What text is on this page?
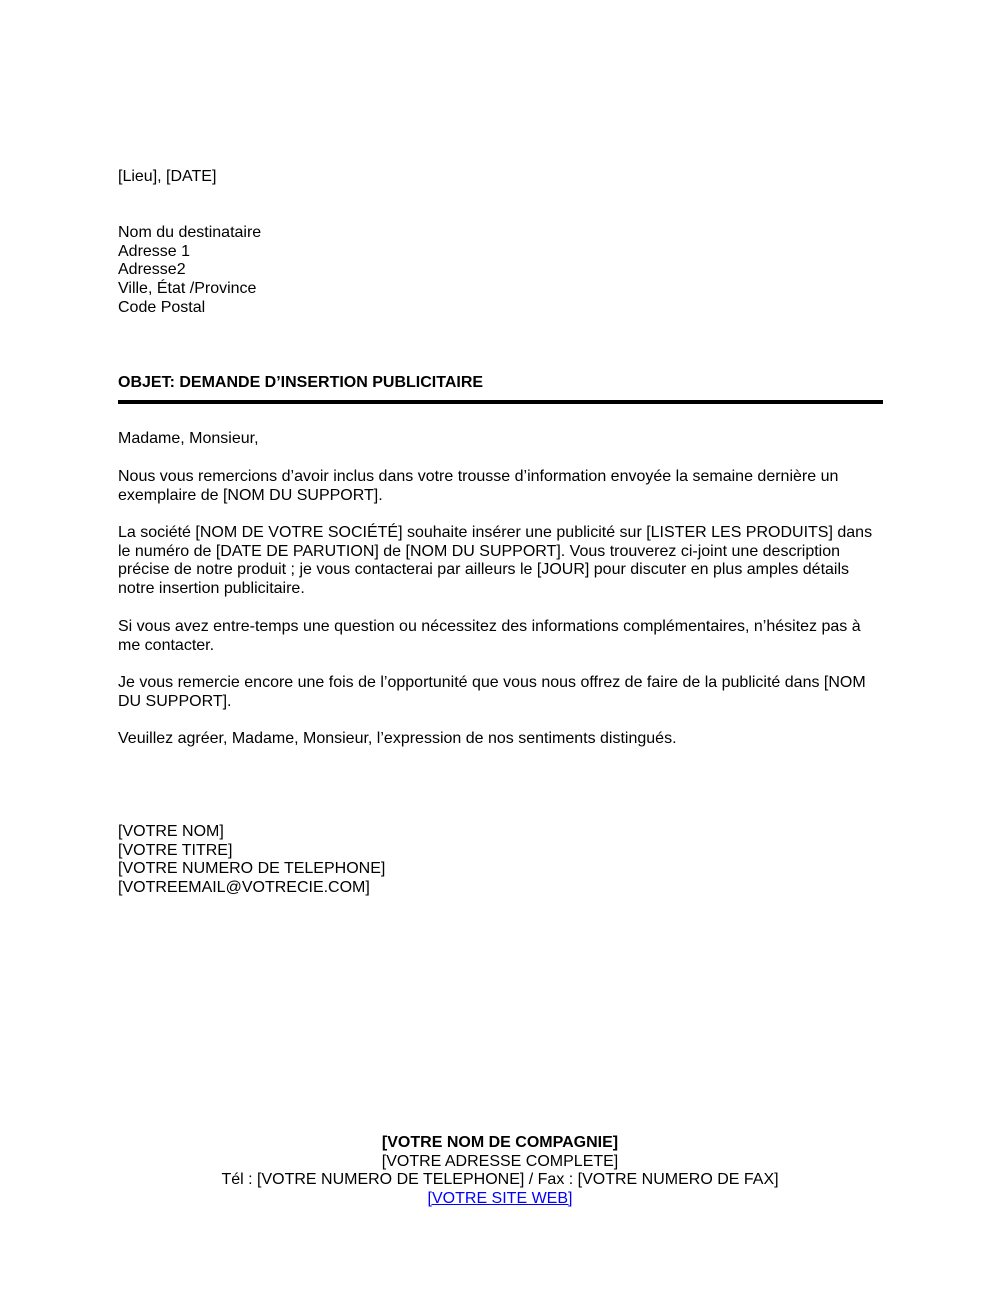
[Lieu], [DATE]
Nom du destinataire
Adresse 1
Adresse2
Ville, État /Province
Code Postal
OBJET: DEMANDE D’INSERTION PUBLICITAIRE
Madame, Monsieur,
Nous vous remercions d’avoir inclus dans votre trousse d’information envoyée la semaine dernière un exemplaire de [NOM DU SUPPORT].
La société [NOM DE VOTRE SOCIÉTÉ] souhaite insérer une publicité sur [LISTER LES PRODUITS] dans le numéro de [DATE DE PARUTION] de [NOM DU SUPPORT]. Vous trouverez ci-joint une description précise de notre produit ; je vous contacterai par ailleurs le [JOUR] pour discuter en plus amples détails notre insertion publicitaire.
Si vous avez entre-temps une question ou nécessitez des informations complémentaires, n’hésitez pas à me contacter.
Je vous remercie encore une fois de l’opportunité que vous nous offrez de faire de la publicité dans [NOM DU SUPPORT].
Veuillez agréer, Madame, Monsieur, l’expression de nos sentiments distingués.
[VOTRE NOM]
[VOTRE TITRE]
[VOTRE NUMERO DE TELEPHONE]
[VOTREEMAIL@VOTRECIE.COM]
[VOTRE NOM DE COMPAGNIE]
[VOTRE ADRESSE COMPLETE]
Tél : [VOTRE NUMERO DE TELEPHONE] / Fax : [VOTRE NUMERO DE FAX]
[VOTRE SITE WEB]
